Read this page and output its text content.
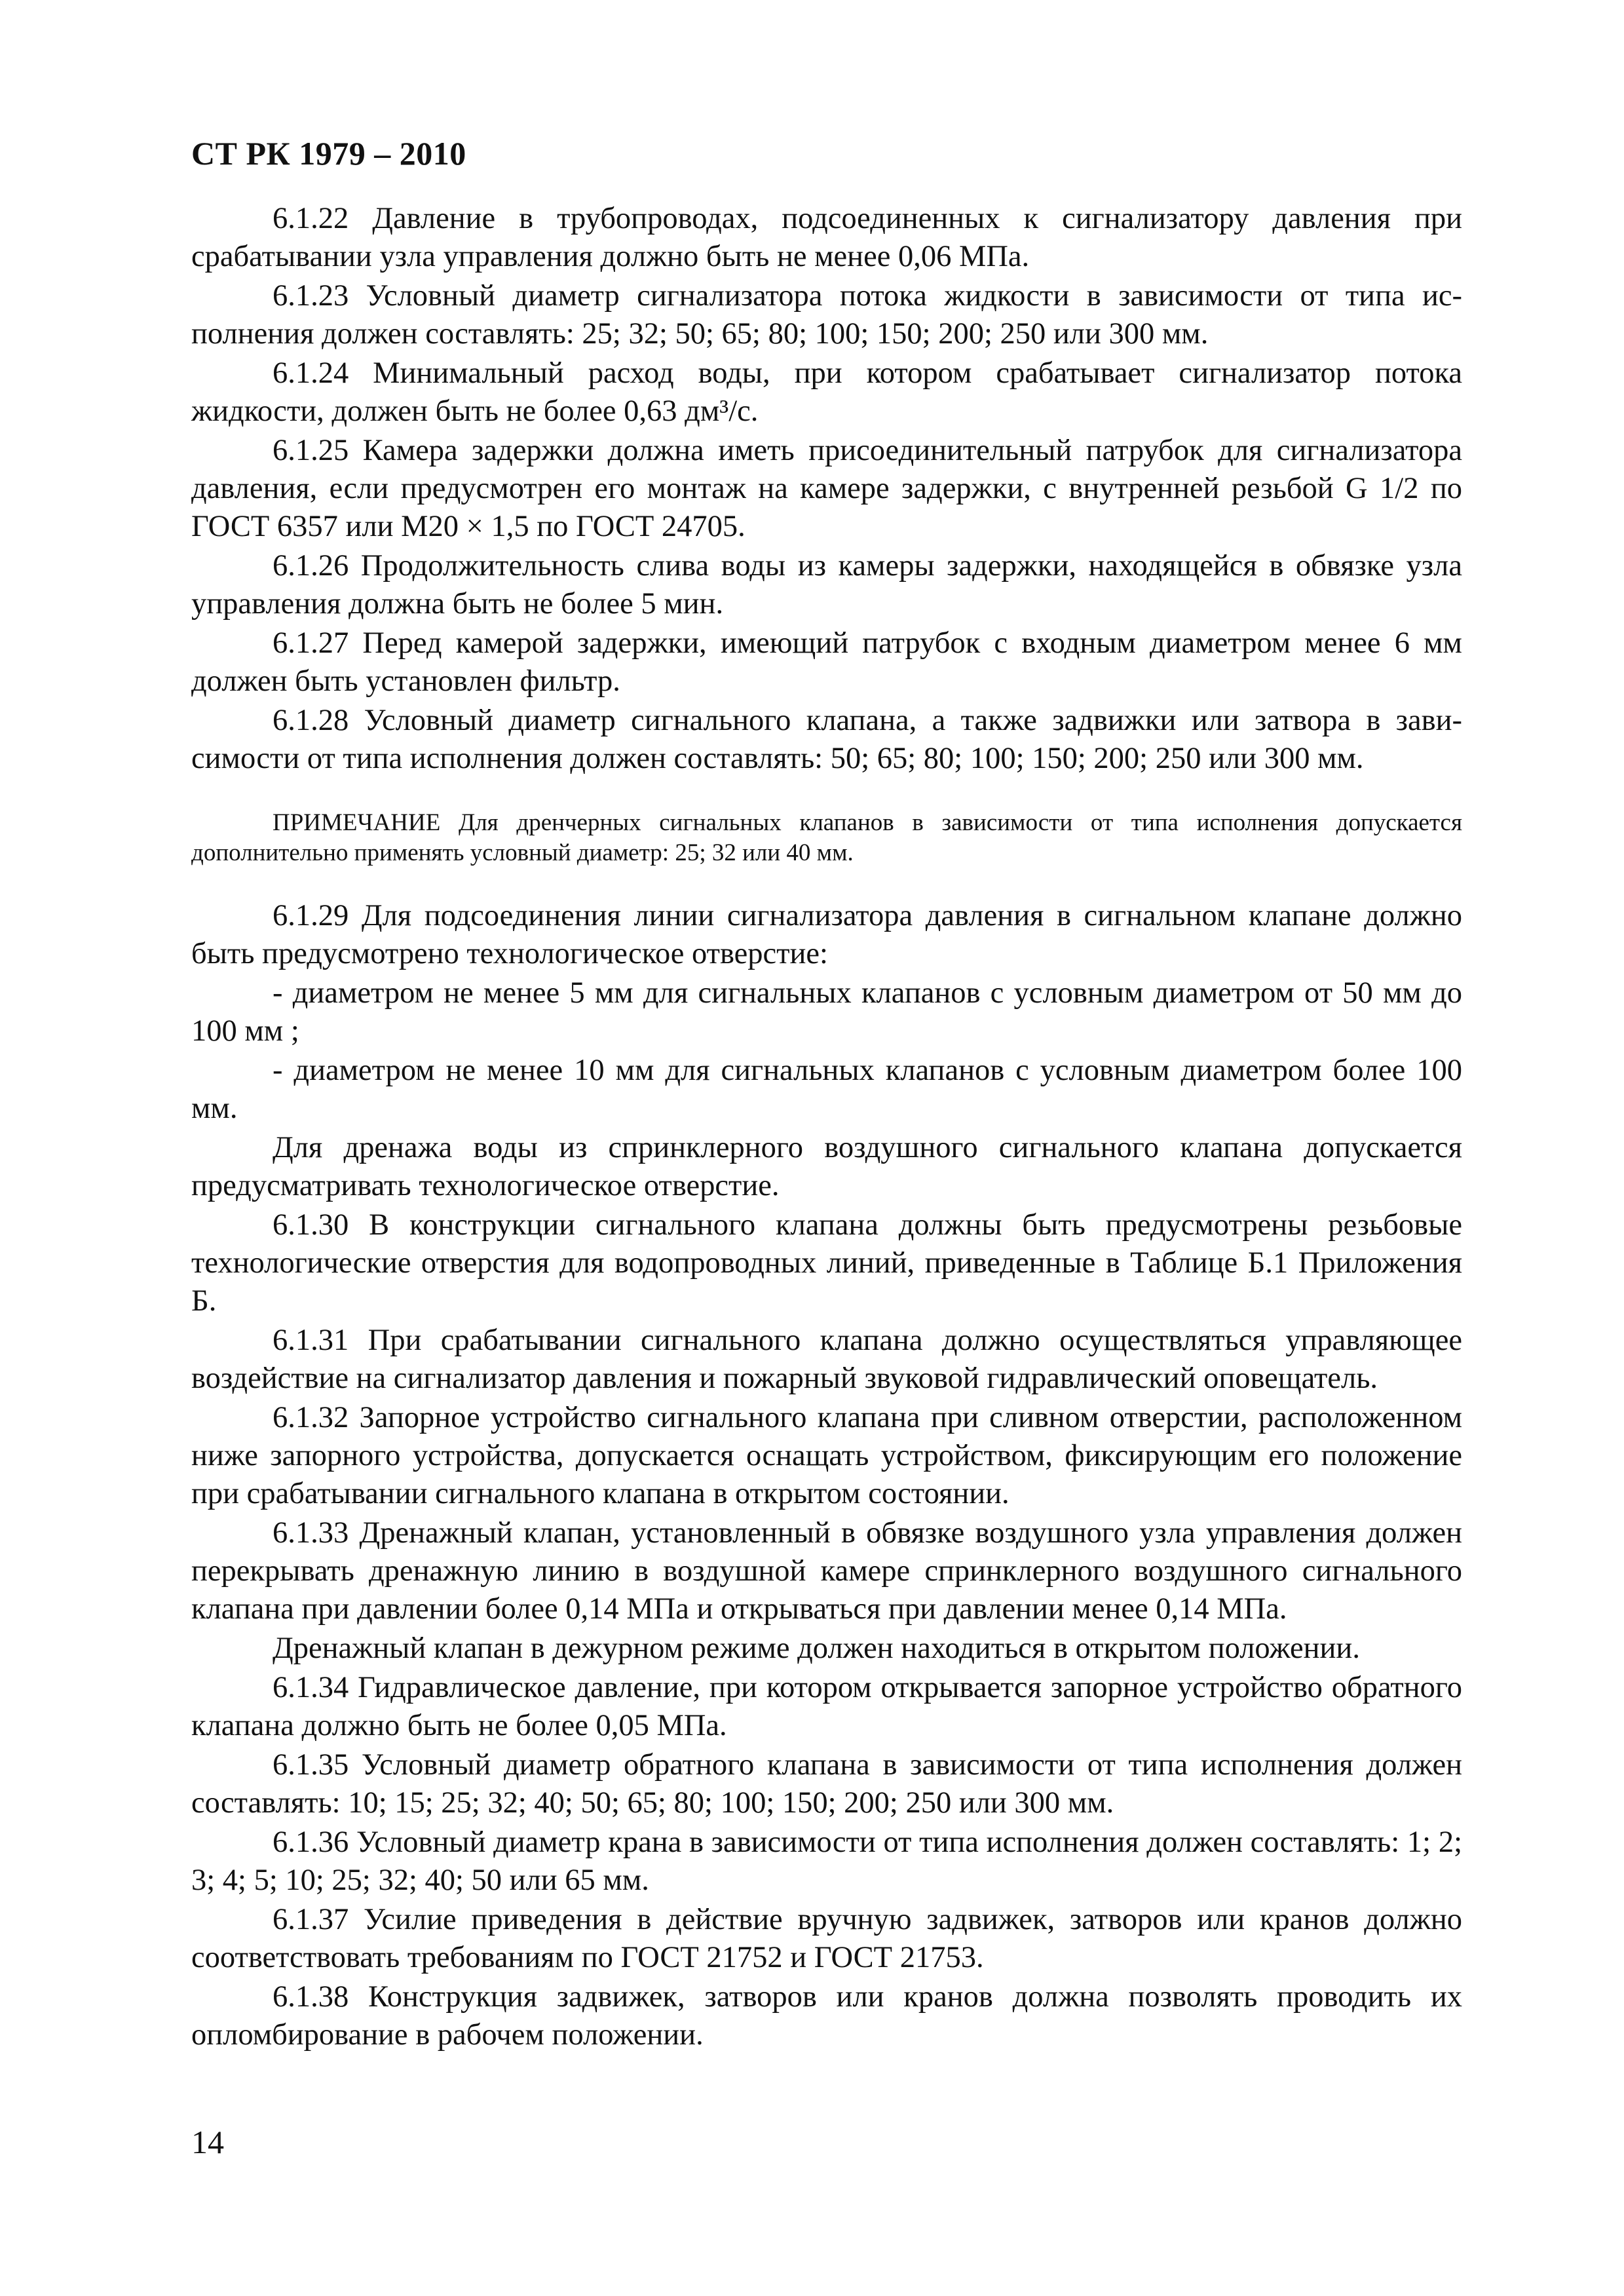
СТ РК 1979 – 2010

6.1.22 Давление в трубопроводах, подсоединенных к сигнализатору давления при срабатывании узла управления должно быть не менее 0,06 МПа.

6.1.23 Условный диаметр сигнализатора потока жидкости в зависимости от типа исполнения должен составлять: 25; 32; 50; 65; 80; 100; 150; 200; 250 или 300 мм.

6.1.24 Минимальный расход воды, при котором срабатывает сигнализатор потока жидкости, должен быть не более 0,63 дм³/с.

6.1.25 Камера задержки должна иметь присоединительный патрубок для сигнализатора давления, если предусмотрен его монтаж на камере задержки, с внутренней резьбой G 1/2 по ГОСТ 6357 или М20 × 1,5 по ГОСТ 24705.

6.1.26 Продолжительность слива воды из камеры задержки, находящейся в обвязке узла управления должна быть не более 5 мин.

6.1.27 Перед камерой задержки, имеющий патрубок с входным диаметром менее 6 мм должен быть установлен фильтр.

6.1.28 Условный диаметр сигнального клапана, а также задвижки или затвора в зависимости от типа исполнения должен составлять: 50; 65; 80; 100; 150; 200; 250 или 300 мм.

ПРИМЕЧАНИЕ Для дренчерных сигнальных клапанов в зависимости от типа исполнения допускается дополнительно применять условный диаметр: 25; 32 или 40 мм.

6.1.29 Для подсоединения линии сигнализатора давления в сигнальном клапане должно быть предусмотрено технологическое отверстие:

- диаметром не менее 5 мм для сигнальных клапанов с условным диаметром от 50 мм до 100 мм ;

- диаметром не менее 10 мм для сигнальных клапанов с условным диаметром более 100 мм.

Для дренажа воды из спринклерного воздушного сигнального клапана допускается предусматривать технологическое отверстие.

6.1.30 В конструкции сигнального клапана должны быть предусмотрены резьбовые технологические отверстия для водопроводных линий, приведенные в Таблице Б.1 Приложения Б.

6.1.31 При срабатывании сигнального клапана должно осуществляться управляющее воздействие на сигнализатор давления и пожарный звуковой гидравлический оповещатель.

6.1.32 Запорное устройство сигнального клапана при сливном отверстии, расположенном ниже запорного устройства, допускается оснащать устройством, фиксирующим его положение при срабатывании сигнального клапана в открытом состоянии.

6.1.33 Дренажный клапан, установленный в обвязке воздушного узла управления должен перекрывать дренажную линию в воздушной камере спринклерного воздушного сигнального клапана при давлении более 0,14 МПа и открываться при давлении менее 0,14 МПа.

Дренажный клапан в дежурном режиме должен находиться в открытом положении.

6.1.34 Гидравлическое давление, при котором открывается запорное устройство обратного клапана должно быть не более 0,05 МПа.

6.1.35 Условный диаметр обратного клапана в зависимости от типа исполнения должен составлять: 10; 15; 25; 32; 40; 50; 65; 80; 100; 150; 200; 250 или 300 мм.

6.1.36 Условный диаметр крана в зависимости от типа исполнения должен составлять: 1; 2; 3; 4; 5; 10; 25; 32; 40; 50 или 65 мм.

6.1.37 Усилие приведения в действие вручную задвижек, затворов или кранов должно соответствовать требованиям по ГОСТ 21752 и ГОСТ 21753.

6.1.38 Конструкция задвижек, затворов или кранов должна позволять проводить их опломбирование в рабочем положении.

14
